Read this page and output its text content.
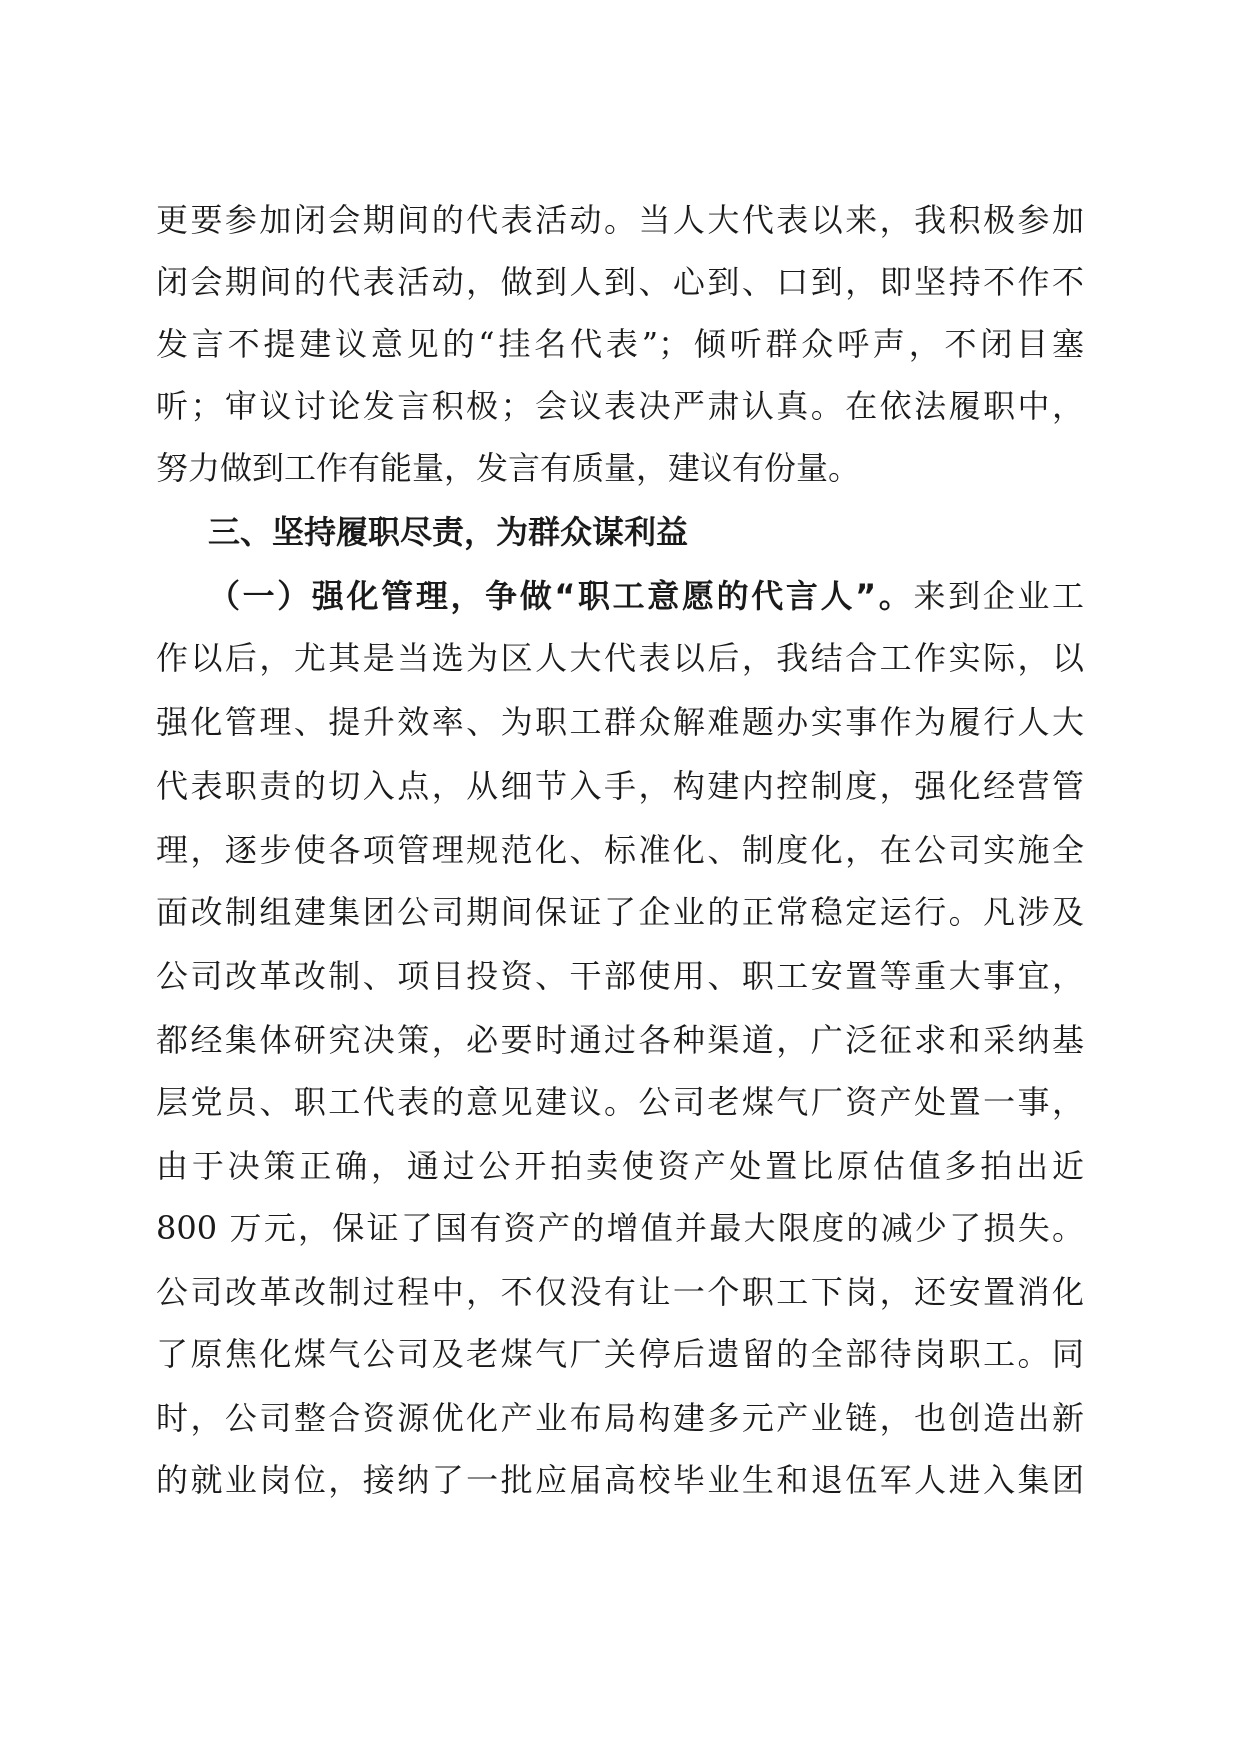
更要参加闭会期间的代表活动。当人大代表以来，我积极参加
闭会期间的代表活动，做到人到、心到、口到，即坚持不作不
发言不提建议意见的“挂名代表”；倾听群众呼声，不闭目塞
听；审议讨论发言积极；会议表决严肃认真。在依法履职中，
努力做到工作有能量，发言有质量，建议有份量。
三、坚持履职尽责，为群众谋利益
（一）强化管理，争做“职工意愿的代言人”。来到企业工
作以后，尤其是当选为区人大代表以后，我结合工作实际，以
强化管理、提升效率、为职工群众解难题办实事作为履行人大
代表职责的切入点，从细节入手，构建内控制度，强化经营管
理，逐步使各项管理规范化、标准化、制度化，在公司实施全
面改制组建集团公司期间保证了企业的正常稳定运行。凡涉及
公司改革改制、项目投资、干部使用、职工安置等重大事宜，
都经集体研究决策，必要时通过各种渠道，广泛征求和采纳基
层党员、职工代表的意见建议。公司老煤气厂资产处置一事，
由于决策正确，通过公开拍卖使资产处置比原估值多拍出近
800 万元，保证了国有资产的增值并最大限度的减少了损失。
公司改革改制过程中，不仅没有让一个职工下岗，还安置消化
了原焦化煤气公司及老煤气厂关停后遗留的全部待岗职工。同
时，公司整合资源优化产业布局构建多元产业链，也创造出新
的就业岗位，接纳了一批应届高校毕业生和退伍军人进入集团
